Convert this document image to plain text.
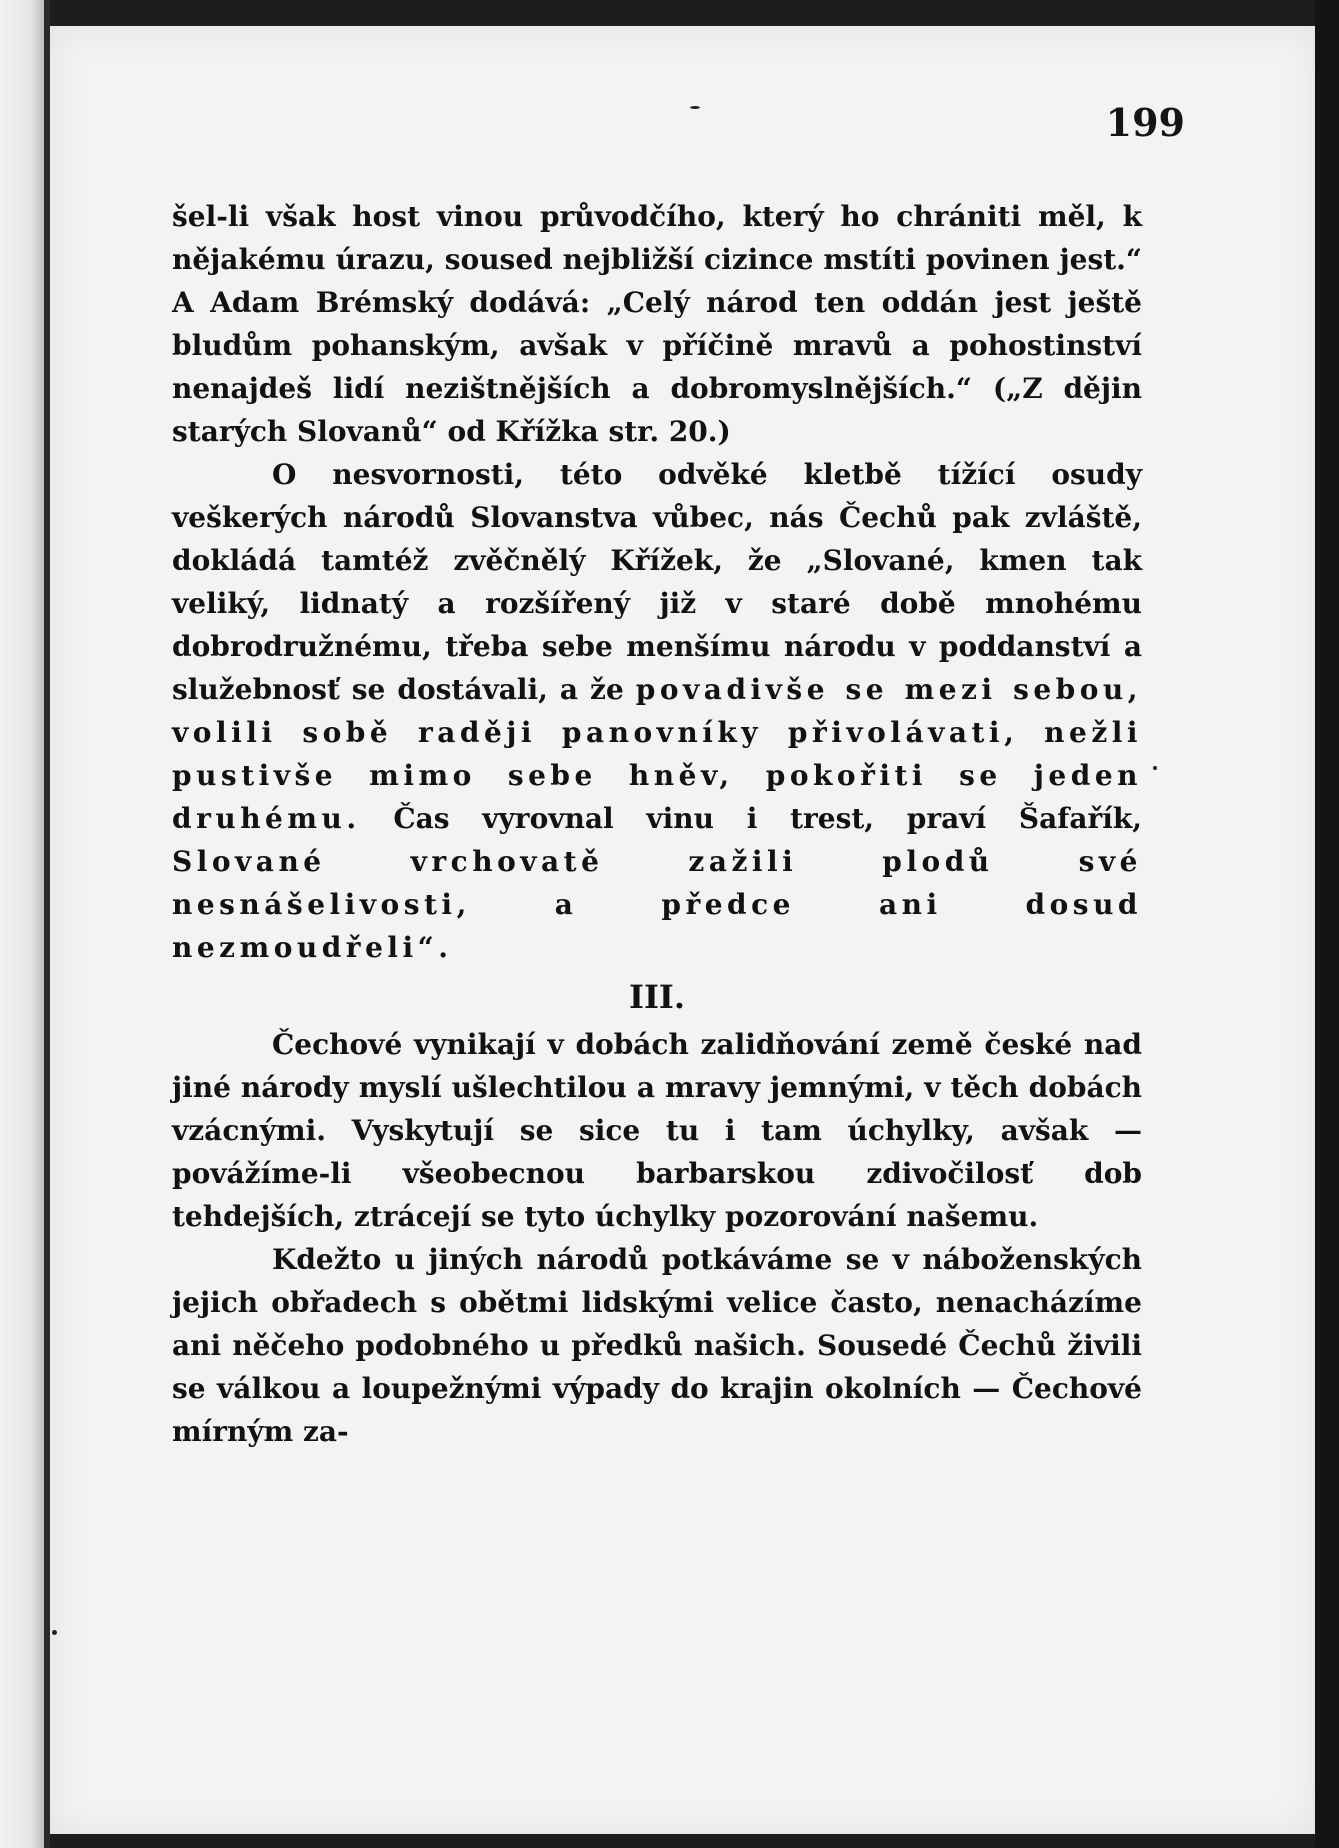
199

šel-li však host vinou průvodčího, který ho chrániti měl, k nějakému úrazu, soused nejbližší cizince mstíti povinen jest.“ A Adam Brémský dodává: „Celý národ ten oddán jest ještě bludům pohanským, avšak v příčině mravů a pohostinství nenajdeš lidí nezištnějších a dobromyslnějších.“ („Z dějin starých Slovanů“ od Křížka str. 20.)

O nesvornosti, této odvěké kletbě tížící osudy veškerých národů Slovanstva vůbec, nás Čechů pak zvláště, dokládá tamtéž zvěčnělý Křížek, že „Slované, kmen tak veliký, lidnatý a rozšířený již v staré době mnohému dobrodružnému, třeba sebe menšímu národu v poddanství a služebnosť se dostávali, a že povadivše se mezi sebou, volili sobě raději panovníky přivolávati, nežli pustivše mimo sebe hněv, pokořiti se jeden druhému. Čas vyrovnal vinu i trest, praví Šafařík, Slované vrchovatě zažili plodů své nesnášelivosti, a předce ani dosud nezmoudřeli“.

III.

Čechové vynikají v dobách zalidňování země české nad jiné národy myslí ušlechtilou a mravy jemnými, v těch dobách vzácnými. Vyskytují se sice tu i tam úchylky, avšak — povážíme-li všeobecnou barbarskou zdivočilosť dob tehdejších, ztrácejí se tyto úchylky pozorování našemu.

Kdežto u jiných národů potkáváme se v náboženských jejich obřadech s obětmi lidskými velice často, nenacházíme ani něčeho podobného u předků našich. Sousedé Čechů živili se válkou a loupežnými výpady do krajin okolních — Čechové mírným za-
